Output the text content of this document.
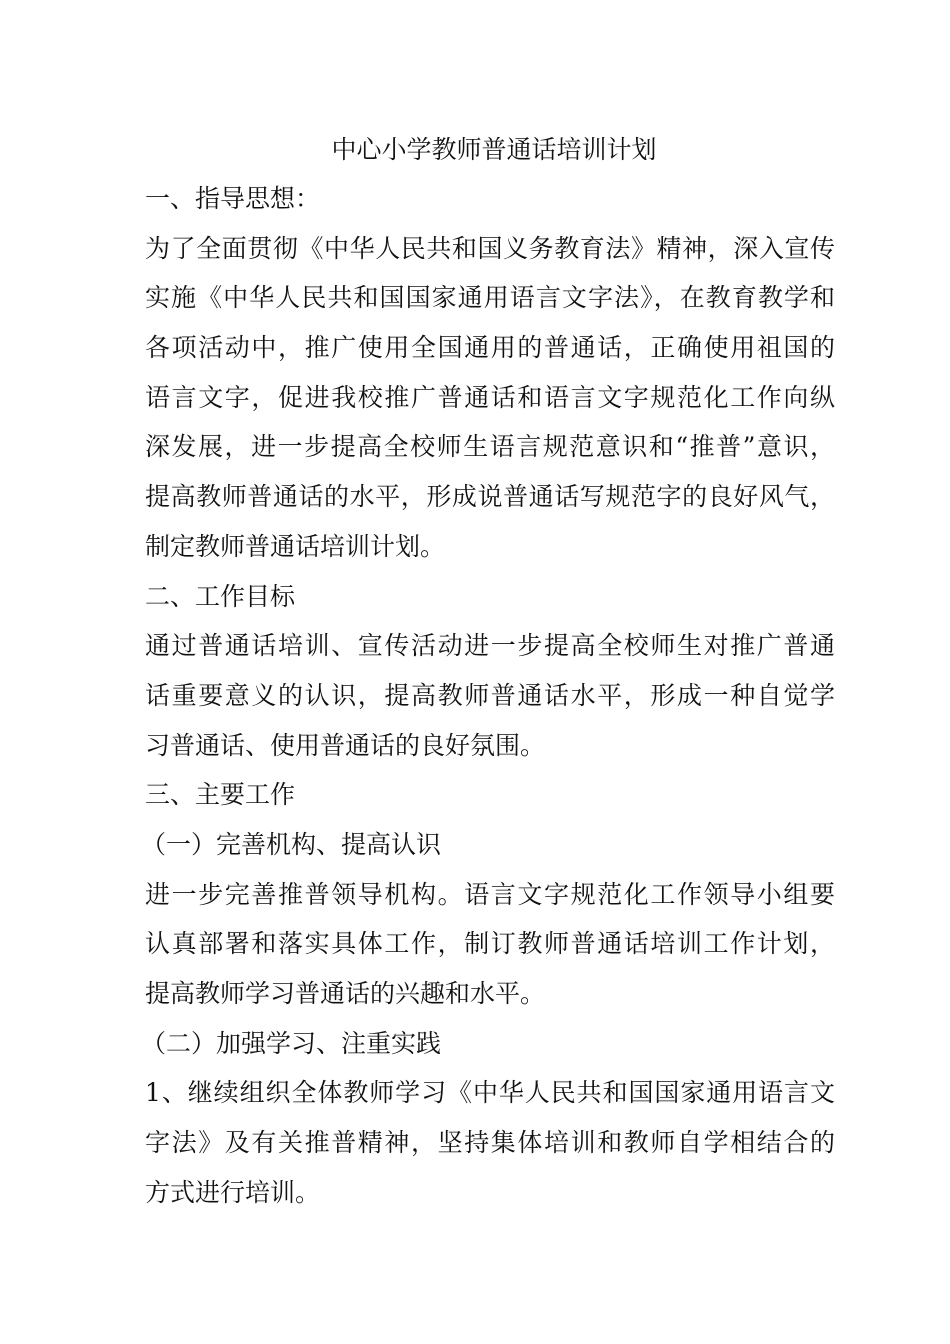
中心小学教师普通话培训计划

一、指导思想：

为了全面贯彻《中华人民共和国义务教育法》精神，深入宣传

实施《中华人民共和国国家通用语言文字法》，在教育教学和

各项活动中，推广使用全国通用的普通话，正确使用祖国的

语言文字，促进我校推广普通话和语言文字规范化工作向纵

深发展，进一步提高全校师生语言规范意识和“推普”意识，

提高教师普通话的水平，形成说普通话写规范字的良好风气，

制定教师普通话培训计划。

二、工作目标

通过普通话培训、宣传活动进一步提高全校师生对推广普通

话重要意义的认识，提高教师普通话水平，形成一种自觉学

习普通话、使用普通话的良好氛围。

三、主要工作

（一）完善机构、提高认识

进一步完善推普领导机构。语言文字规范化工作领导小组要

认真部署和落实具体工作，制订教师普通话培训工作计划，

提高教师学习普通话的兴趣和水平。

（二）加强学习、注重实践

1、继续组织全体教师学习《中华人民共和国国家通用语言文

字法》及有关推普精神，坚持集体培训和教师自学相结合的

方式进行培训。
